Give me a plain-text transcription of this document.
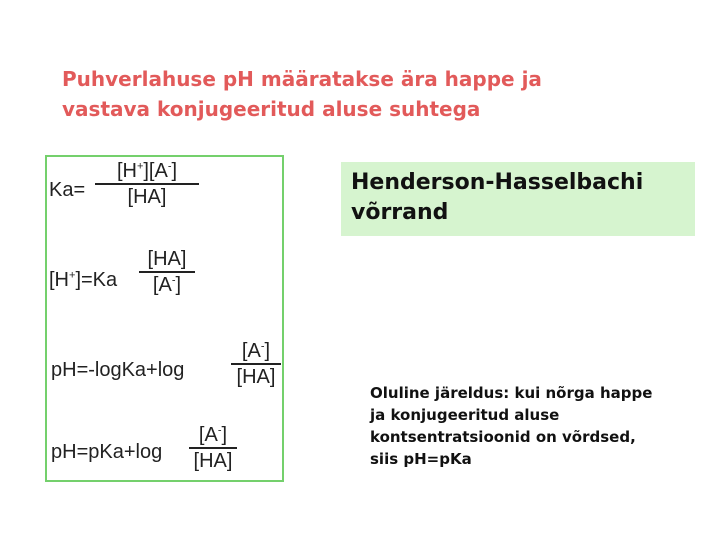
Puhverlahuse pH määratakse ära happe ja
vastava konjugeeritud aluse suhtega
Ka=
[H+][A-]
[HA]
[H+]=Ka
[HA]
[A-]
pH=-logKa+log
[A-]
[HA]
pH=pKa+log
[A-]
[HA]
Henderson-Hasselbachi
võrrand
Oluline järeldus: kui nõrga happe
ja konjugeeritud aluse
kontsentratsioonid on võrdsed,
siis pH=pKa
